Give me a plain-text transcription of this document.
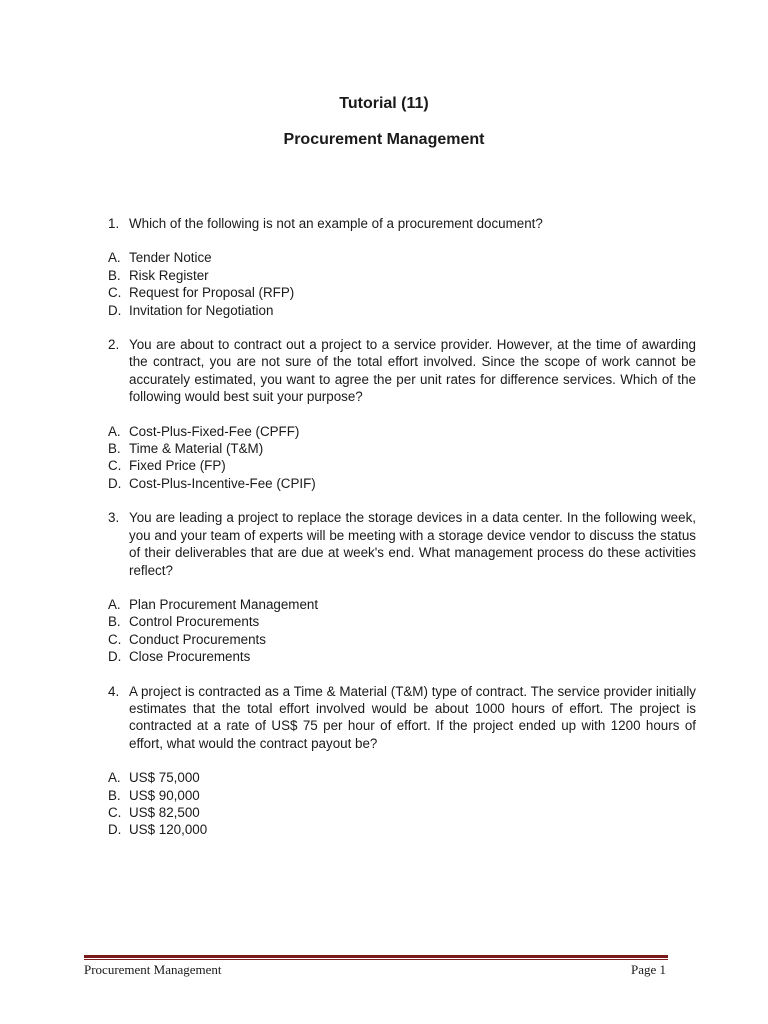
Tutorial (11)

Procurement Management

1. Which of the following is not an example of a procurement document?
A. Tender Notice
B. Risk Register
C. Request for Proposal (RFP)
D. Invitation for Negotiation
2. You are about to contract out a project to a service provider. However, at the time of awarding the contract, you are not sure of the total effort involved. Since the scope of work cannot be accurately estimated, you want to agree the per unit rates for difference services. Which of the following would best suit your purpose?
A. Cost-Plus-Fixed-Fee (CPFF)
B. Time & Material (T&M)
C. Fixed Price (FP)
D. Cost-Plus-Incentive-Fee (CPIF)
3. You are leading a project to replace the storage devices in a data center. In the following week, you and your team of experts will be meeting with a storage device vendor to discuss the status of their deliverables that are due at week's end. What management process do these activities reflect?
A. Plan Procurement Management
B. Control Procurements
C. Conduct Procurements
D. Close Procurements
4. A project is contracted as a Time & Material (T&M) type of contract. The service provider initially estimates that the total effort involved would be about 1000 hours of effort. The project is contracted at a rate of US$ 75 per hour of effort. If the project ended up with 1200 hours of effort, what would the contract payout be?
A. US$ 75,000
B. US$ 90,000
C. US$ 82,500
D. US$ 120,000
Procurement Management	Page 1
